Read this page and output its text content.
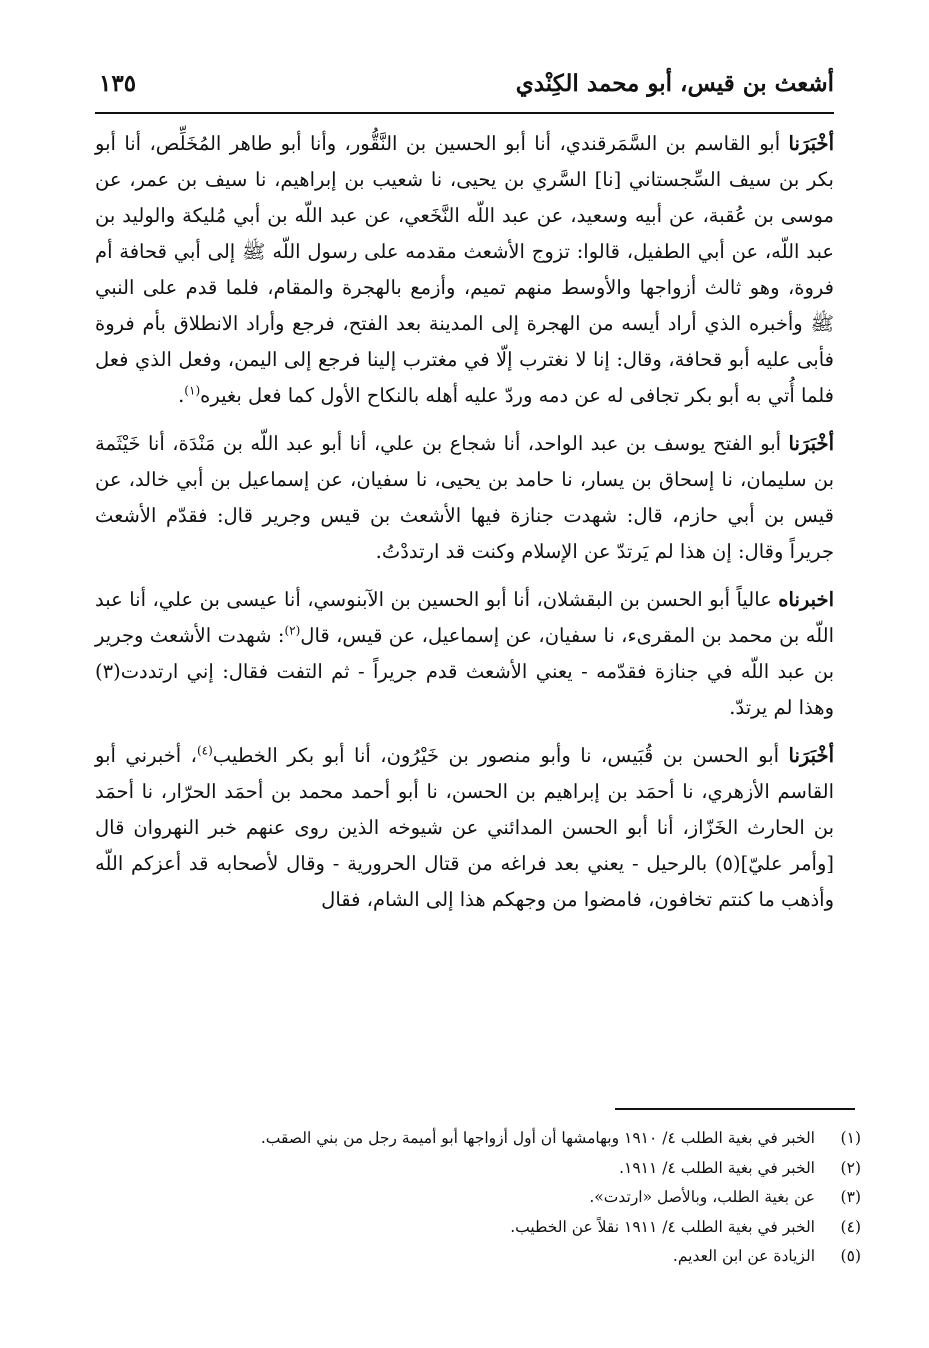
أشعث بن قيس، أبو محمد الكِنْدي
١٣٥

أخْبَرَنا أبو القاسم بن السَّمَرقندي، أنا أبو الحسين بن النَّقُّور، وأنا أبو طاهر المُخَلِّص، أنا أبو بكر بن سيف السِّجستاني [نا] السَّري بن يحيى، نا شعيب بن إبراهيم، نا سيف بن عمر، عن موسى بن عُقبة، عن أبيه وسعيد، عن عبد اللّه النَّخَعي، عن عبد اللّه بن أبي مُليكة والوليد بن عبد اللّه، عن أبي الطفيل، قالوا: تزوج الأشعث مقدمه على رسول اللّه ﷺ إلى أبي قحافة أم فروة، وهو ثالث أزواجها والأوسط منهم تميم، وأزمع بالهجرة والمقام، فلما قدم على النبي ﷺ وأخبره الذي أراد أيسه من الهجرة إلى المدينة بعد الفتح، فرجع وأراد الانطلاق بأم فروة فأبى عليه أبو قحافة، وقال: إنا لا نغترب إلّا في مغترب إلينا فرجع إلى اليمن، وفعل الذي فعل فلما أُتي به أبو بكر تجافى له عن دمه وردّ عليه أهله بالنكاح الأول كما فعل بغيره$^{(١)}$.

أخْبَرَنا أبو الفتح يوسف بن عبد الواحد، أنا شجاع بن علي، أنا أبو عبد اللّه بن مَنْدَة، أنا خَيْثَمة بن سليمان، نا إسحاق بن يسار، نا حامد بن يحيى، نا سفيان، عن إسماعيل بن أبي خالد، عن قيس بن أبي حازم، قال: شهدت جنازة فيها الأشعث بن قيس وجرير قال: فقدّم الأشعث جريراً وقال: إن هذا لم يَرتدّ عن الإسلام وكنت قد ارتددْتُ.

اخبرناه عالياً أبو الحسن بن البقشلان، أنا أبو الحسين بن الآبنوسي، أنا عيسى بن علي، أنا عبد اللّه بن محمد بن المقرىء، نا سفيان، عن إسماعيل، عن قيس، قال$^{(٢)}$: شهدت الأشعث وجرير بن عبد اللّه في جنازة فقدّمه - يعني الأشعث قدم جريراً - ثم التفت فقال: إني ارتددت(٣) وهذا لم يرتدّ.

أخْبَرَنا أبو الحسن بن قُبَيس، نا وأبو منصور بن خَيْرُون، أنا أبو بكر الخطيب$^{(٤)}$، أخبرني أبو القاسم الأزهري، نا أحمَد بن إبراهيم بن الحسن، نا أبو أحمد محمد بن أحمَد الحرّار، نا أحمَد بن الحارث الخَزّاز، أنا أبو الحسن المدائني عن شيوخه الذين روى عنهم خبر النهروان قال [وأمر عليّ](٥) بالرحيل - يعني بعد فراغه من قتال الحرورية - وقال لأصحابه قد أعزكم اللّه وأذهب ما كنتم تخافون، فامضوا من وجهكم هذا إلى الشام، فقال

(١)الخبر في بغية الطلب ٤/ ١٩١٠ وبهامشها أن أول أزواجها أبو أميمة رجل من بني الصقب.
(٢)الخبر في بغية الطلب ٤/ ١٩١١.
(٣)عن بغية الطلب، وبالأصل «ارتدت».
(٤)الخبر في بغية الطلب ٤/ ١٩١١ نقلاً عن الخطيب.
(٥)الزيادة عن ابن العديم.
